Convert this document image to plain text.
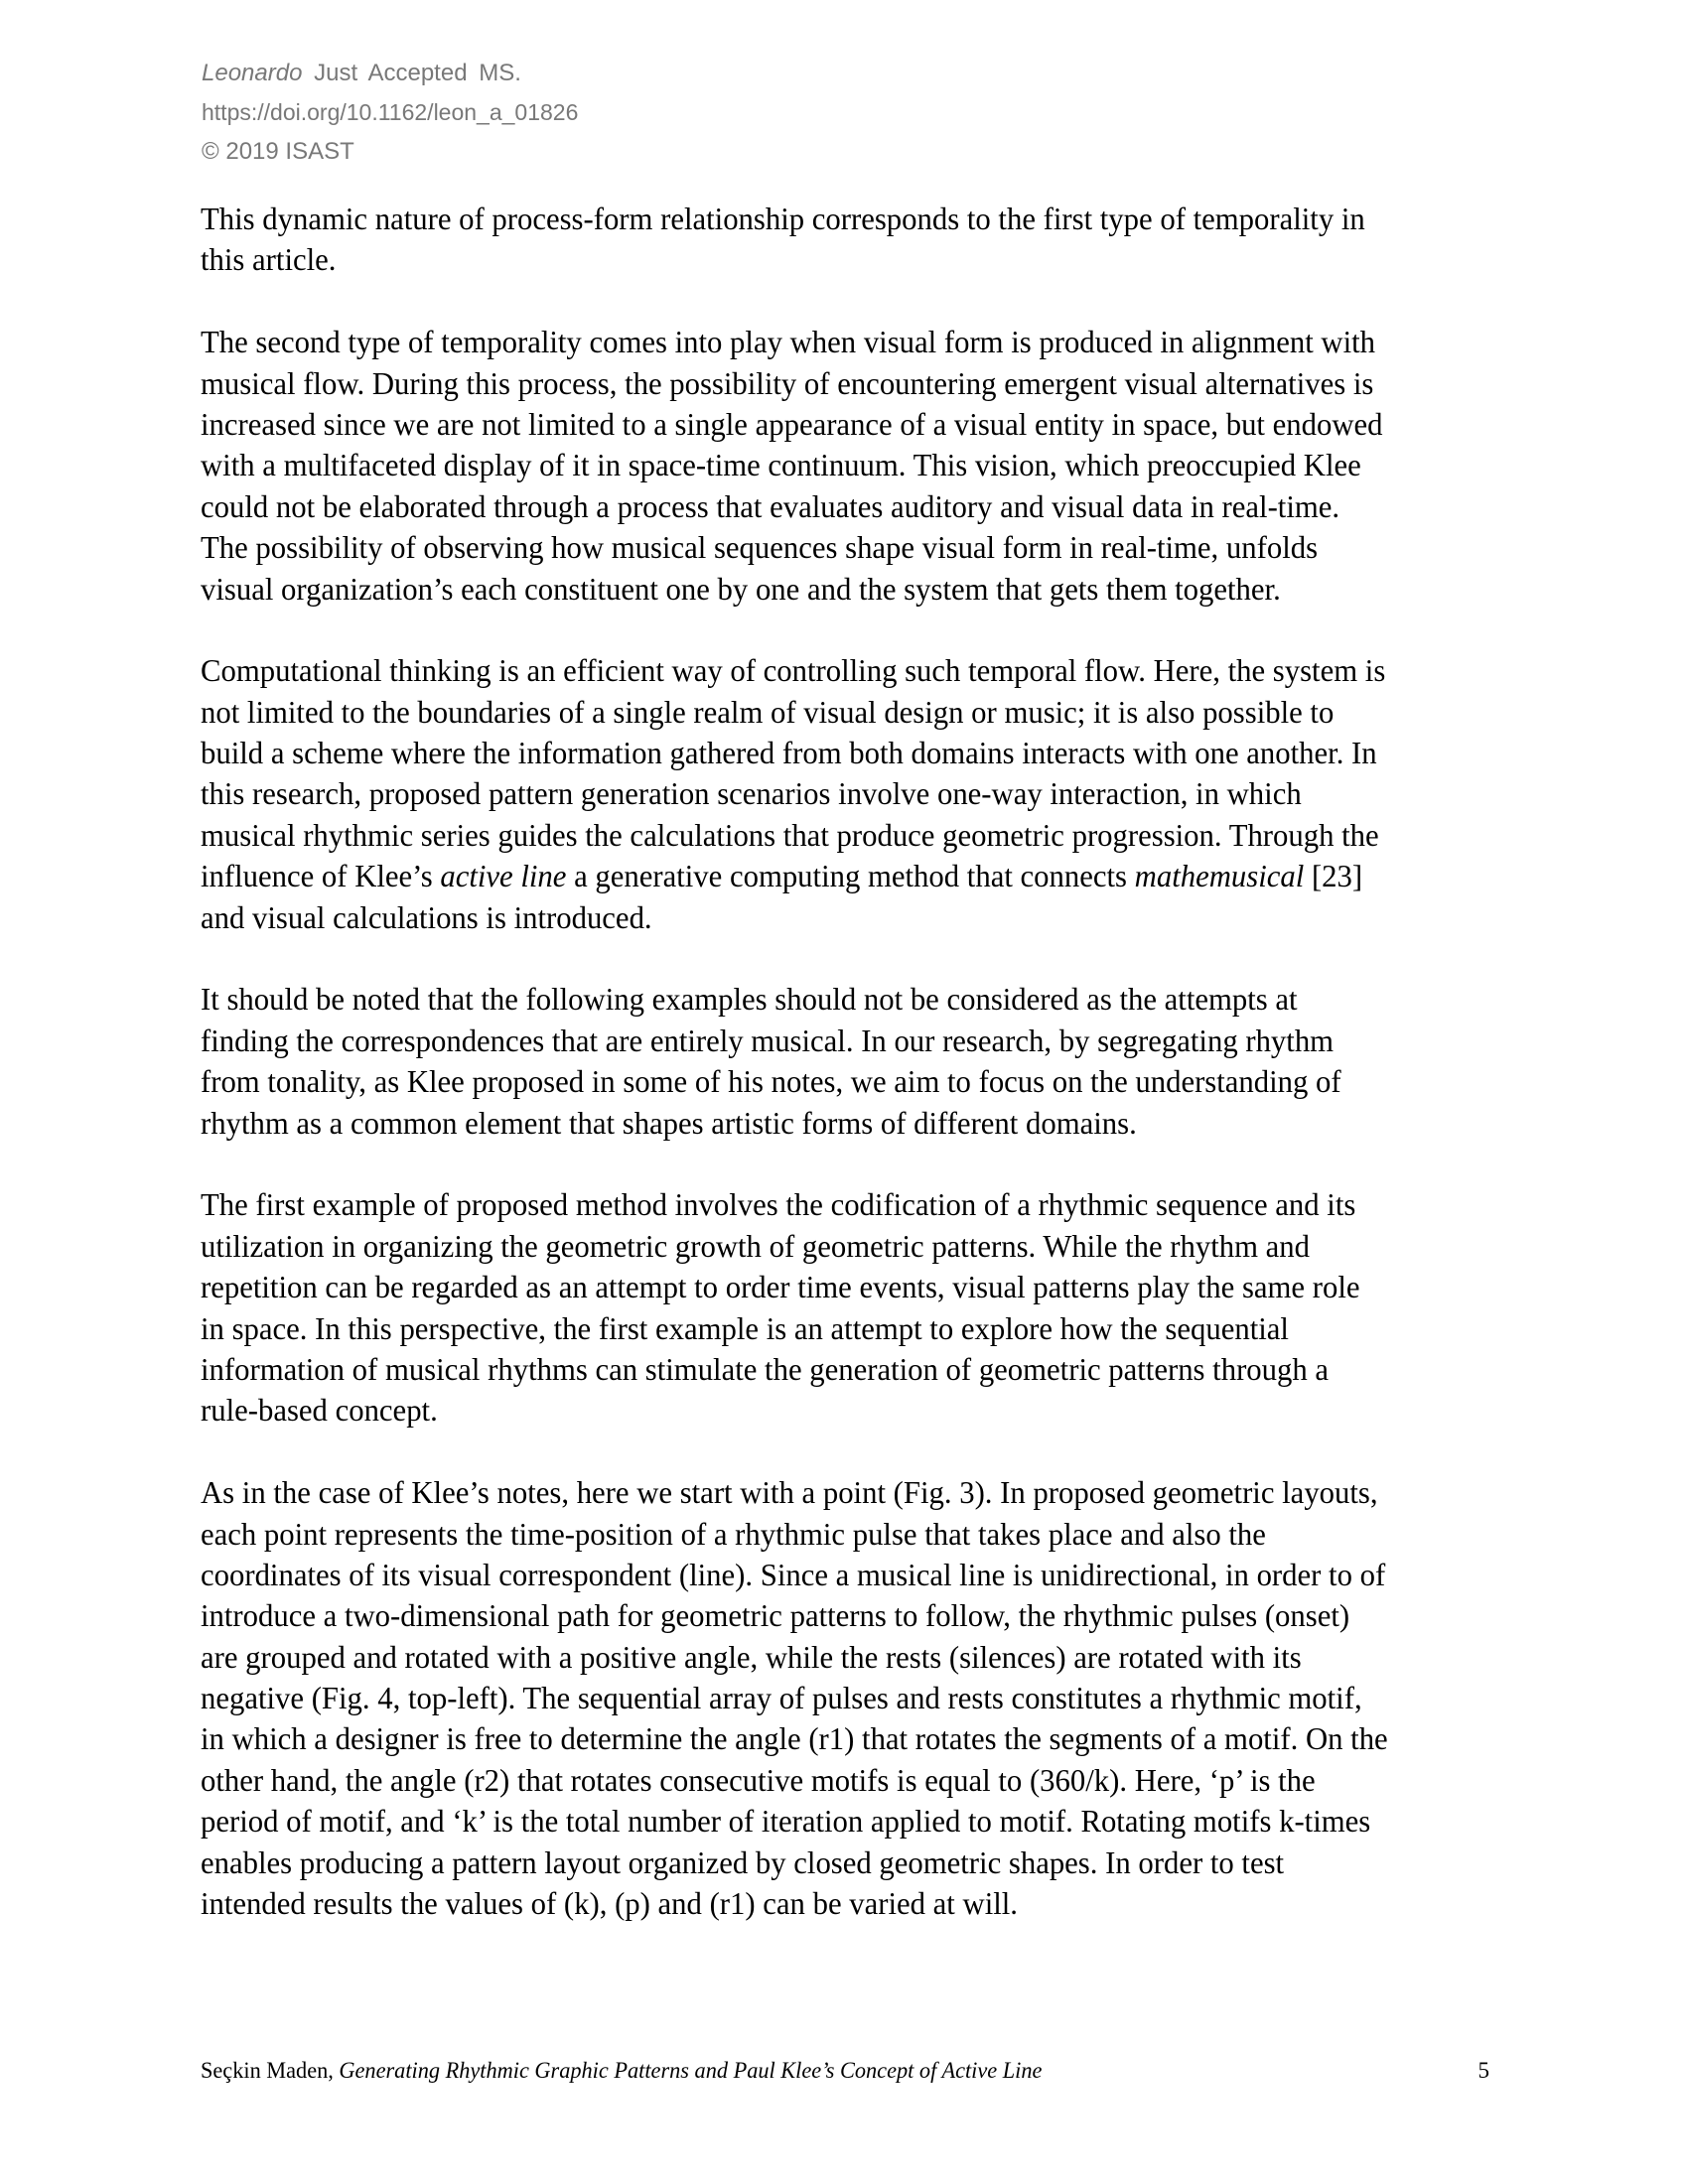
Leonardo Just Accepted MS.
https://doi.org/10.1162/leon_a_01826
© 2019 ISAST
This dynamic nature of process-form relationship corresponds to the first type of temporality in
this article.
The second type of temporality comes into play when visual form is produced in alignment with
musical flow. During this process, the possibility of encountering emergent visual alternatives is
increased since we are not limited to a single appearance of a visual entity in space, but endowed
with a multifaceted display of it in space-time continuum. This vision, which preoccupied Klee
could not be elaborated through a process that evaluates auditory and visual data in real-time.
The possibility of observing how musical sequences shape visual form in real-time, unfolds
visual organization’s each constituent one by one and the system that gets them together.
Computational thinking is an efficient way of controlling such temporal flow. Here, the system is
not limited to the boundaries of a single realm of visual design or music; it is also possible to
build a scheme where the information gathered from both domains interacts with one another. In
this research, proposed pattern generation scenarios involve one-way interaction, in which
musical rhythmic series guides the calculations that produce geometric progression. Through the
influence of Klee’s active line a generative computing method that connects mathemusical [23]
and visual calculations is introduced.
It should be noted that the following examples should not be considered as the attempts at
finding the correspondences that are entirely musical. In our research, by segregating rhythm
from tonality, as Klee proposed in some of his notes, we aim to focus on the understanding of
rhythm as a common element that shapes artistic forms of different domains.
The first example of proposed method involves the codification of a rhythmic sequence and its
utilization in organizing the geometric growth of geometric patterns. While the rhythm and
repetition can be regarded as an attempt to order time events, visual patterns play the same role
in space. In this perspective, the first example is an attempt to explore how the sequential
information of musical rhythms can stimulate the generation of geometric patterns through a
rule-based concept.
As in the case of Klee’s notes, here we start with a point (Fig. 3). In proposed geometric layouts,
each point represents the time-position of a rhythmic pulse that takes place and also the
coordinates of its visual correspondent (line). Since a musical line is unidirectional, in order to of
introduce a two-dimensional path for geometric patterns to follow, the rhythmic pulses (onset)
are grouped and rotated with a positive angle, while the rests (silences) are rotated with its
negative (Fig. 4, top-left). The sequential array of pulses and rests constitutes a rhythmic motif,
in which a designer is free to determine the angle (r1) that rotates the segments of a motif. On the
other hand, the angle (r2) that rotates consecutive motifs is equal to (360/k). Here, ‘p’ is the
period of motif, and ‘k’ is the total number of iteration applied to motif. Rotating motifs k-times
enables producing a pattern layout organized by closed geometric shapes. In order to test
intended results the values of (k), (p) and (r1) can be varied at will.
Seçkin Maden, Generating Rhythmic Graphic Patterns and Paul Klee’s Concept of Active Line	5
